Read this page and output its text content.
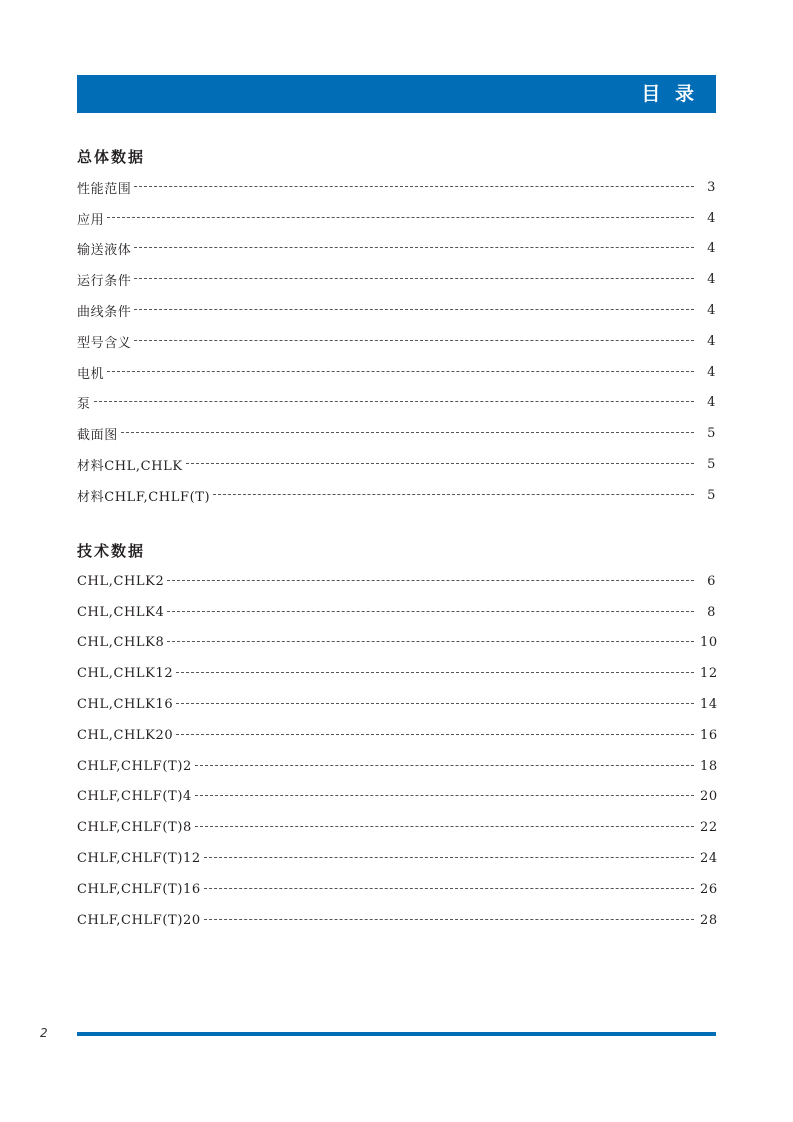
目 录
总体数据
性能范围	3
应用	4
输送液体	4
运行条件	4
曲线条件	4
型号含义	4
电机	4
泵	4
截面图	5
材料CHL,CHLK	5
材料CHLF,CHLF(T)	5
技术数据
CHL,CHLK2	6
CHL,CHLK4	8
CHL,CHLK8	10
CHL,CHLK12	12
CHL,CHLK16	14
CHL,CHLK20	16
CHLF,CHLF(T)2	18
CHLF,CHLF(T)4	20
CHLF,CHLF(T)8	22
CHLF,CHLF(T)12	24
CHLF,CHLF(T)16	26
CHLF,CHLF(T)20	28
2
